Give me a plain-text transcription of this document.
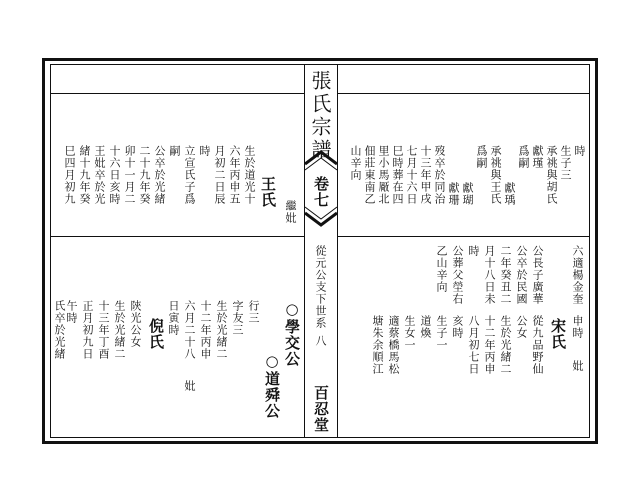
張氏宗譜
卷七
從元公支下世系
八
百忍堂
時
生子三
承祧與胡氏
獻瑾
爲嗣
獻瑀
承祧與王氏
爲嗣
獻瑚
獻珊
歿卒於同治
十三年甲戌
七月十六日
巳時葬在四
里小馬厰北
佃莊東南乙
山辛向
申時
妣
宋氏
公長子廣華 六適楊金奎
公卒於民國
二年癸丑二
月十八日未
時
公葬父塋右
乙山辛向
從九品野仙
公女
生於光緒二
十二年丙申
八月初七日
亥時
生子一
道煥
生女一
適蔡橋馬松
塘朱余順江
繼妣
王氏
生於道光十
六年丙申五
月初二日辰
時
立宣氏子爲
嗣
公卒於光緒
二十九年癸
卯十一月二
十六日亥時
王妣卒於光
緒十九年癸
巳四月初九
○學交公
○道舜公
行三
字友三
生於光緒二
十二年丙申
六月二十八
日寅時
妣
倪氏
陝光公女
生於光緒二
十三年丁酉
正月初九日
午時
氏卒於光緒
